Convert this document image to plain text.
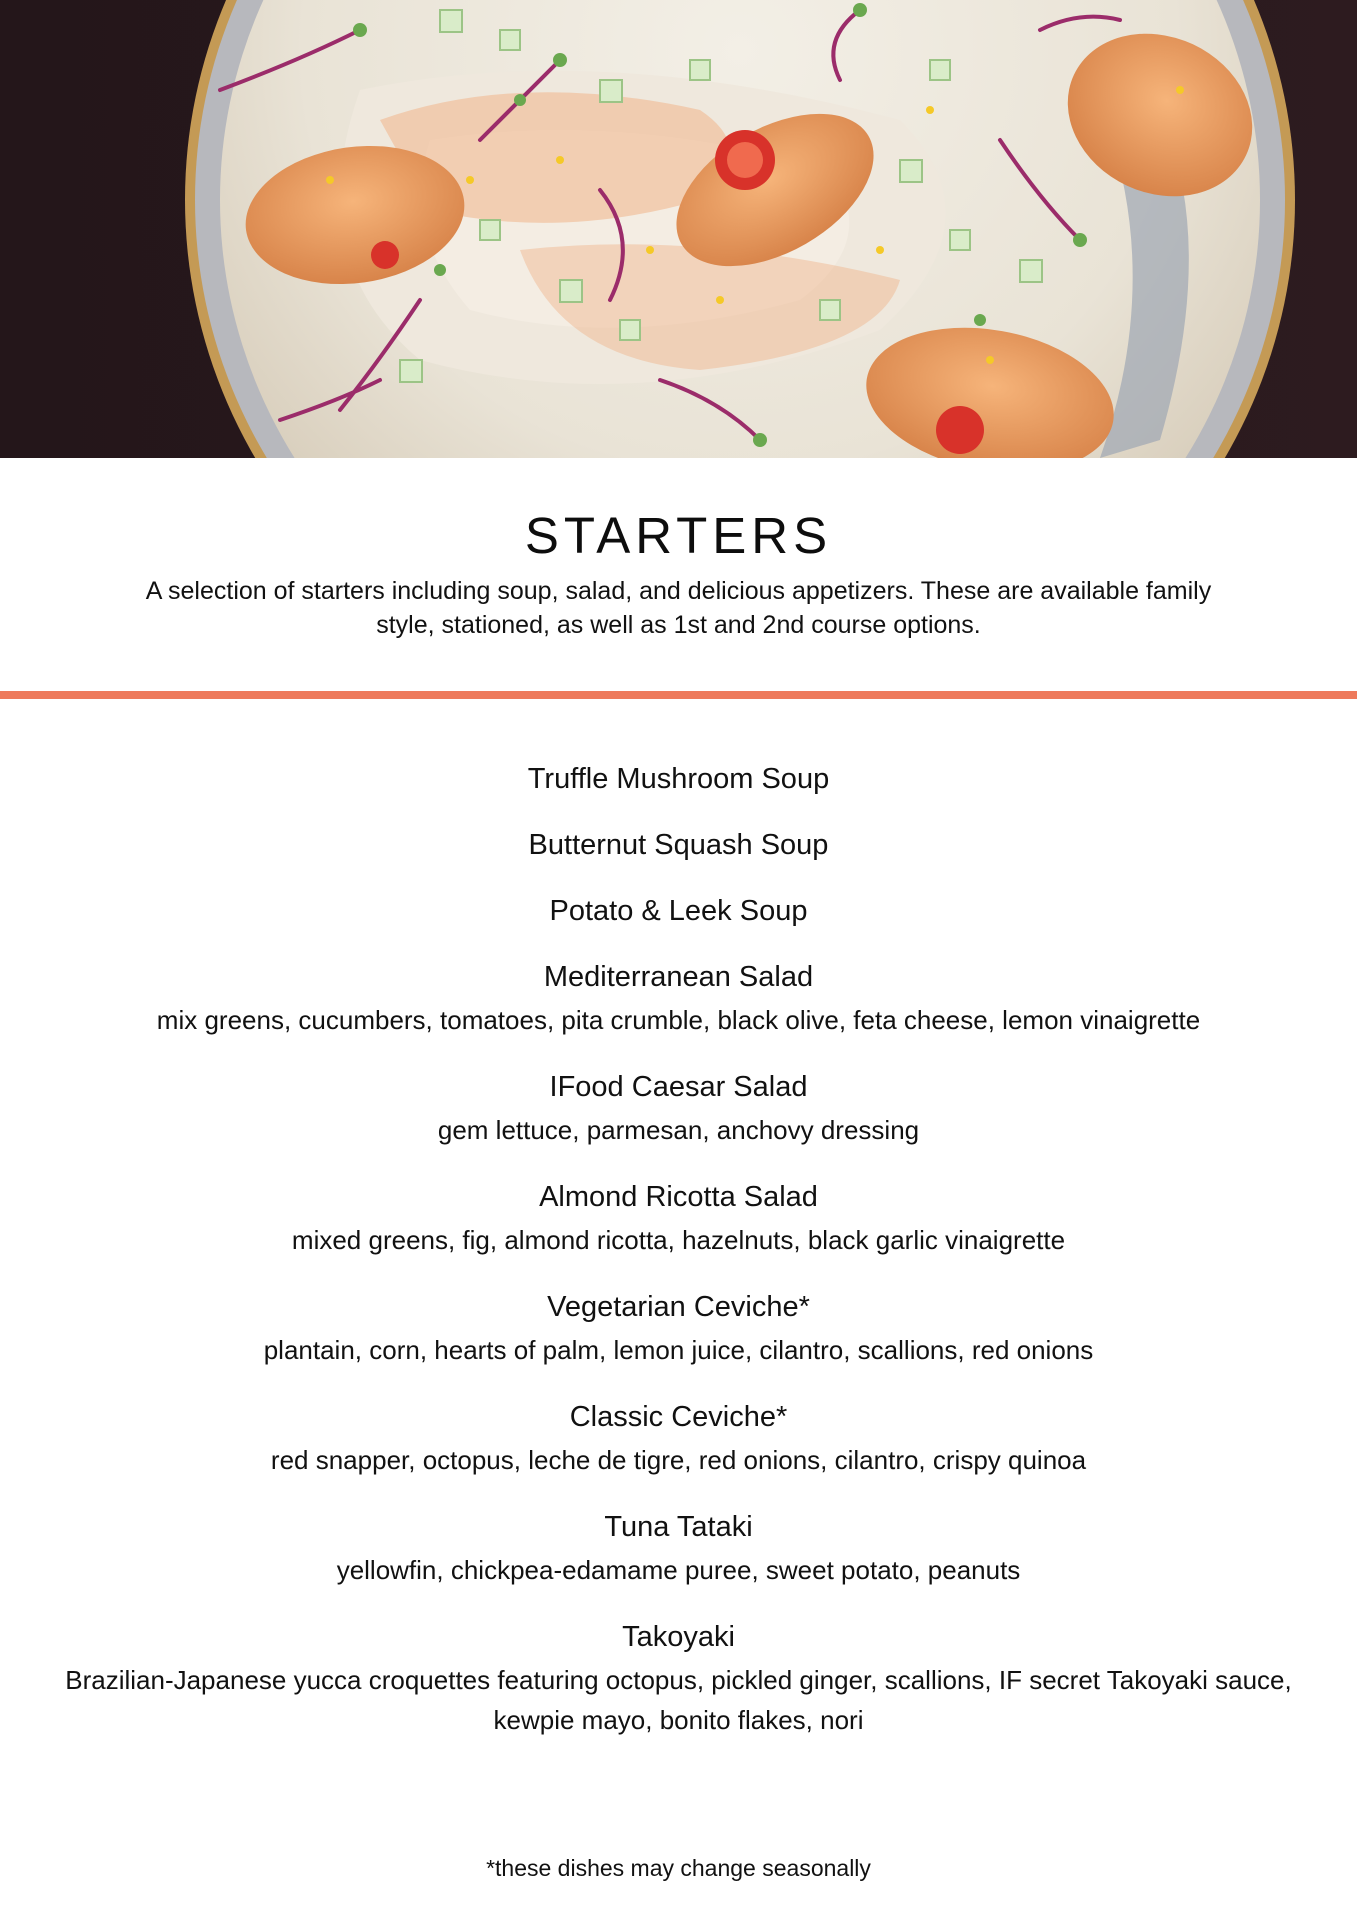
STARTERS
A selection of starters including soup, salad, and delicious appetizers. These are available family style, stationed, as well as 1st and 2nd course options.
Truffle Mushroom Soup
Butternut Squash Soup
Potato & Leek Soup
Mediterranean Salad
mix greens, cucumbers, tomatoes, pita crumble, black olive, feta cheese, lemon vinaigrette
IFood Caesar Salad
gem lettuce, parmesan, anchovy dressing
Almond Ricotta Salad
mixed greens, fig, almond ricotta, hazelnuts, black garlic vinaigrette
Vegetarian Ceviche*
plantain, corn, hearts of palm, lemon juice, cilantro, scallions, red onions
Classic Ceviche*
red snapper, octopus, leche de tigre, red onions, cilantro, crispy quinoa
Tuna Tataki
yellowfin, chickpea-edamame puree, sweet potato, peanuts
Takoyaki
Brazilian-Japanese yucca croquettes featuring octopus, pickled ginger, scallions, IF secret Takoyaki sauce, kewpie mayo, bonito flakes, nori
*these dishes may change seasonally
